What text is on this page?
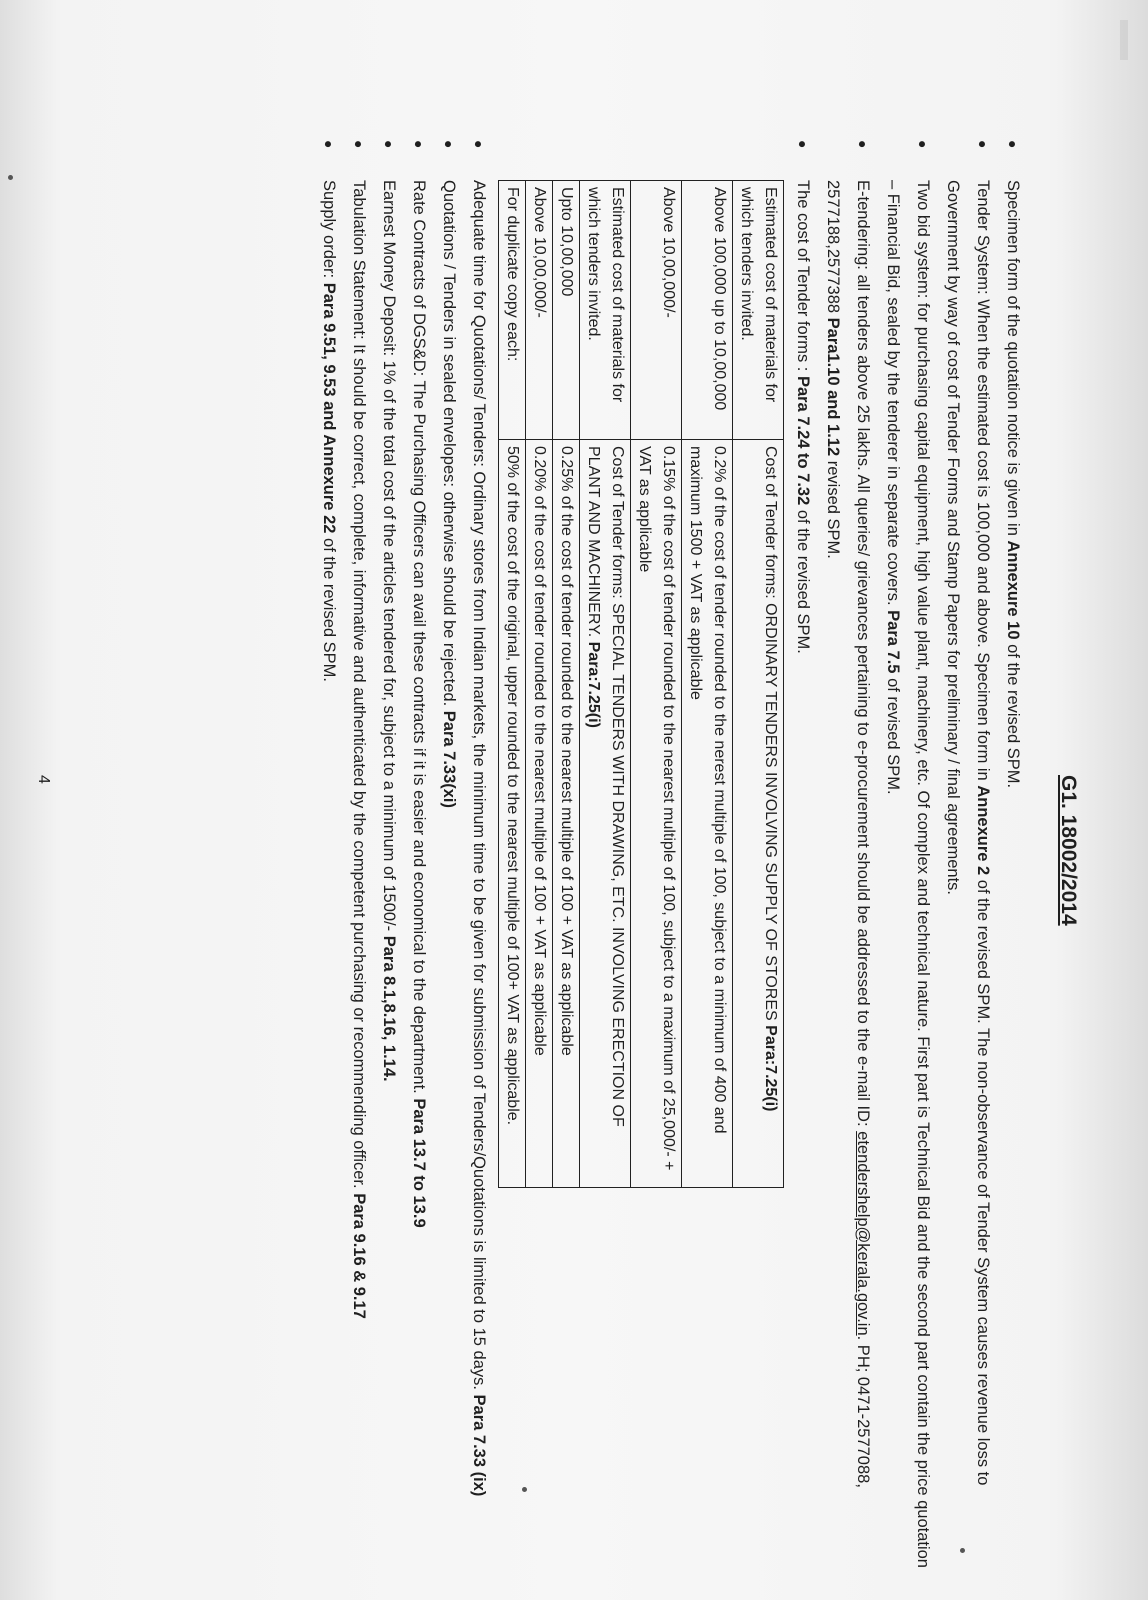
G1. 18002/2014
●
Specimen form of the quotation notice is given in Annexure 10 of the revised SPM.
●
Tender System: When the estimated cost is 100,000 and above. Specimen form in Annexure 2 of the revised SPM. The non-observance of Tender System causes revenue loss to Government by way of cost of Tender Forms and Stamp Papers for preliminary / final agreements.
●
Two bid system: for purchasing capital equipment, high value plant, machinery, etc. Of complex and technical nature. First part is Technical Bid and the second part contain the price quotation – Financial Bid, sealed by the tenderer in separate covers. Para 7.5 of revised SPM.
●
E-tendering: all tenders above 25 lakhs. All queries/ grievances pertaining to e-procurement should be addressed to the e-mail ID: etendershelp@kerala.gov.in. PH; 0471-2577088, 2577188,2577388 Para1.10 and 1.12 revised SPM.
●
The cost of Tender forms : Para 7.24 to 7.32 of the revised SPM.
Estimated cost of materials for which tenders invited.	Cost of Tender forms: ORDINARY TENDERS INVOLVING SUPPLY OF STORES Para:7.25(i)
Above 100,000 up to 10,00,000	0.2% of the cost of tender rounded to the nerest multiple of 100, subject to a minimum of 400 and maximum 1500 + VAT as applicable
Above 10,00,000/-	0.15% of the cost of tender rounded to the nearest multiple of 100, subject to a maximum of 25,000/- + VAT as applicable
Estimated cost of materials for which tenders invited.	Cost of Tender forms: SPECIAL TENDERS WITH DRAWING, ETC. INVOLVING ERECTION OF PLANT AND MACHINERY. Para:7.25(i)
Upto 10,00,000	0.25% of the cost of tender rounded to the nearest multiple of 100 + VAT as applicable
Above 10,00,000/-	0.20% of the cost of tender rounded to the nearest multiple of 100 + VAT as applicable
For duplicate copy each:	50% of the cost of the original, upper rounded to the nearest multiple of 100+ VAT as applicable.
●
Adequate time for Quotations/ Tenders: Ordinary stores from Indian markets, the minimum time to be given for submission of Tenders/Quotations is limited to 15 days. Para 7.33 (ix)
●
Quotations / Tenders in sealed envelopes: otherwise should be rejected. Para 7.33(xi)
●
Rate Contracts of DGS&D: The Purchasing Officers can avail these contracts if it is easier and economical to the department. Para 13.7 to 13.9
●
Earnest Money Deposit: 1% of the total cost of the articles tendered for, subject to a minimum of 1500/- Para 8.1,8.16, 1.14.
●
Tabulation Statement: It should be correct, complete, informative and authenticated by the competent purchasing or recommending officer. Para 9.16 & 9.17
●
Supply order: Para 9.51, 9.53 and Annexure 22 of the revised SPM.
4
